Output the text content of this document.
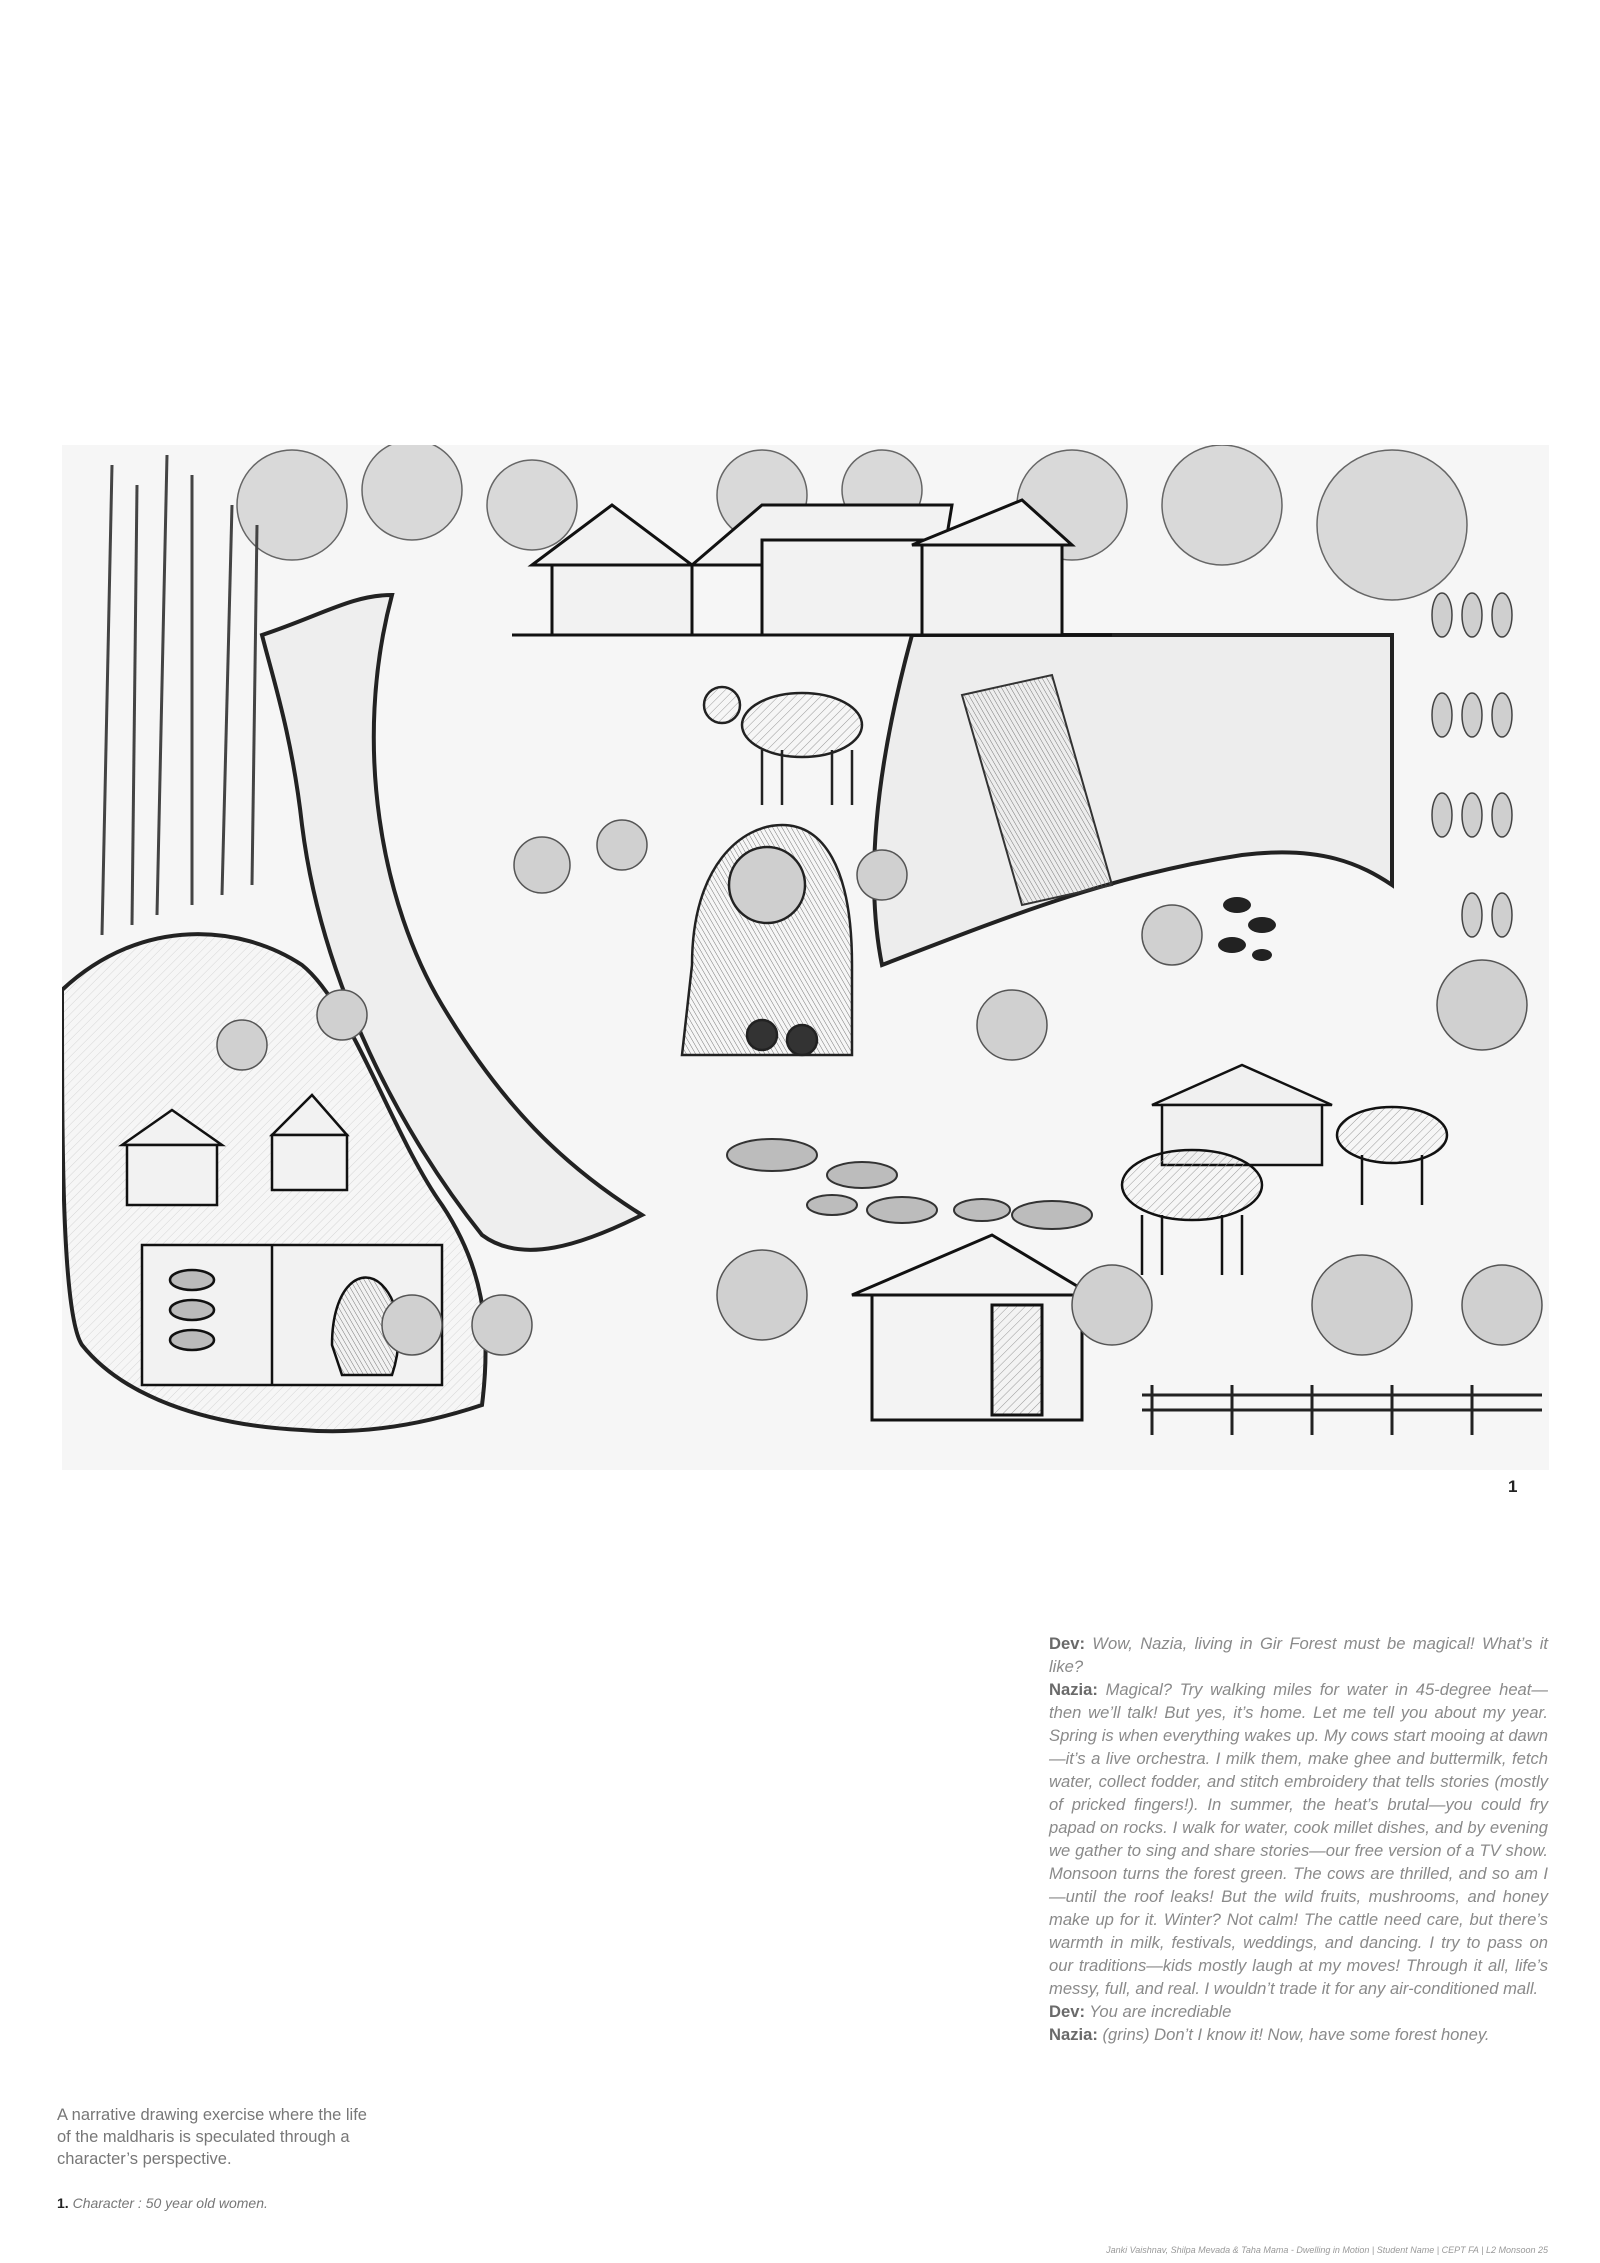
1

Dev: Wow, Nazia, living in Gir Forest must be magical! What’s it like?

Nazia: Magical? Try walking miles for water in 45-degree heat—then we’ll talk! But yes, it’s home. Let me tell you about my year. Spring is when everything wakes up. My cows start mooing at dawn—it’s a live orchestra. I milk them, make ghee and buttermilk, fetch water, collect fodder, and stitch embroidery that tells stories (mostly of pricked fingers!). In summer, the heat’s brutal—you could fry papad on rocks. I walk for water, cook millet dishes, and by evening we gather to sing and share stories—our free version of a TV show. Monsoon turns the forest green. The cows are thrilled, and so am I—until the roof leaks! But the wild fruits, mushrooms, and honey make up for it. Winter? Not calm! The cattle need care, but there’s warmth in milk, festivals, weddings, and dancing. I try to pass on our traditions—kids mostly laugh at my moves! Through it all, life’s messy, full, and real. I wouldn’t trade it for any air-conditioned mall.

Dev: You are incrediable

Nazia: (grins) Don’t I know it! Now, have some forest honey.

A narrative drawing exercise where the life of the maldharis is speculated through a character’s perspective.
1. Character : 50 year old women.
Janki Vaishnav, Shilpa Mevada & Taha Mama - Dwelling in Motion | Student Name | CEPT FA | L2 Monsoon 25
